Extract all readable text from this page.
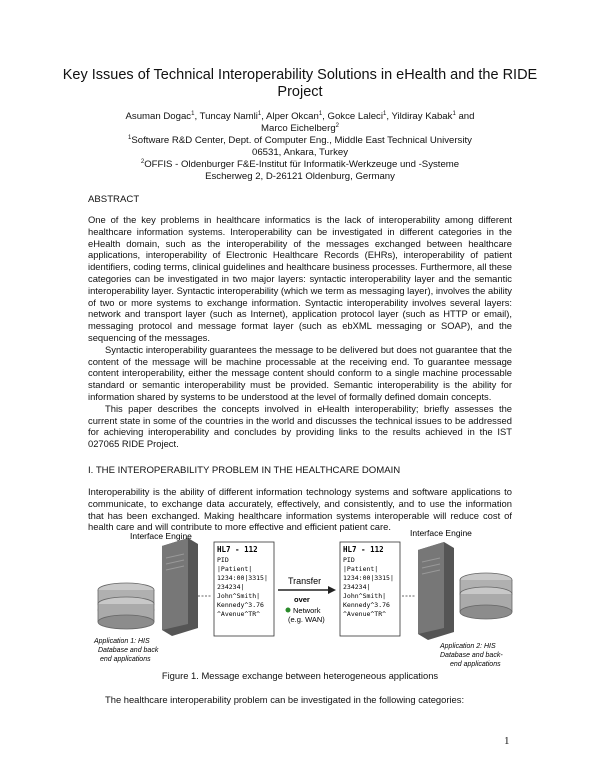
Key Issues of Technical Interoperability Solutions in eHealth and the RIDE Project
Asuman Dogac$^1$, Tuncay Namli$^1$, Alper Okcan$^1$, Gokce Laleci$^1$, Yildiray Kabak$^1$ and
Marco Eichelberg$^2$
$^1$Software R&D Center, Dept. of Computer Eng., Middle East Technical University
06531, Ankara, Turkey
$^2$OFFIS - Oldenburger F&E-Institut für Informatik-Werkzeuge und -Systeme
Escherweg 2, D-26121 Oldenburg, Germany
ABSTRACT

One of the key problems in healthcare informatics is the lack of interoperability among different healthcare information systems. Interoperability can be investigated in different categories in the eHealth domain, such as the interoperability of the messages exchanged between healthcare applications, interoperability of Electronic Healthcare Records (EHRs), interoperability of patient identifiers, coding terms, clinical guidelines and healthcare business processes. Furthermore, all these categories can be investigated in two major layers: syntactic interoperability layer and the semantic interoperability layer. Syntactic interoperability (which we term as messaging layer), involves the ability of two or more systems to exchange information. Syntactic interoperability involves several layers: network and transport layer (such as Internet), application protocol layer (such as HTTP or email), messaging protocol and message format layer (such as ebXML messaging or SOAP), and the sequencing of the messages.

Syntactic interoperability guarantees the message to be delivered but does not guarantee that the content of the message will be machine processable at the receiving end. To guarantee message content interoperability, either the message content should conform to a single machine processable standard or semantic interoperability must be provided. Semantic interoperability is the ability for information shared by systems to be understood at the level of formally defined domain concepts.

This paper describes the concepts involved in eHealth interoperability; briefly assesses the current state in some of the countries in the world and discusses the technical issues to be addressed for achieving interoperability and concludes by providing links to the results achieved in the IST 027065 RIDE Project.

I. THE INTEROPERABILITY PROBLEM IN THE HEALTHCARE DOMAIN

Interoperability is the ability of different information technology systems and software applications to communicate, to exchange data accurately, effectively, and consistently, and to use the information that has been exchanged. Making healthcare information systems interoperable will reduce cost of health care and will contribute to more effective and efficient patient care.

Interface Engine
HL7 - 112
PID
|Patient|
1234:00|3315|
234234|
John^Smith|
Kennedy^3.76
^Avenue^TR^
Transfer
over
Network
(e.g. WAN)
HL7 - 112
PID
|Patient|
1234:00|3315|
234234|
John^Smith|
Kennedy^3.76
^Avenue^TR^
Interface Engine
Application 1: HIS
Database and back
end applications
Application 2: HIS
Database and back-
end applications
Figure 1. Message exchange between heterogeneous applications
The healthcare interoperability problem can be investigated in the following categories:
1
